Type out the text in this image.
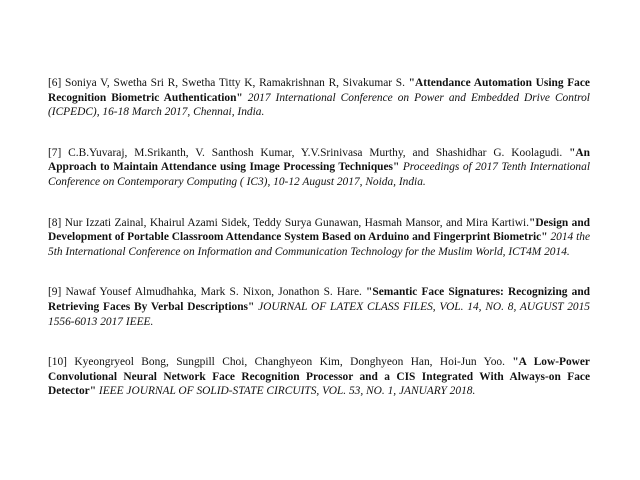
[6] Soniya V, Swetha Sri R, Swetha Titty K, Ramakrishnan R, Sivakumar S. "Attendance Automation Using Face Recognition Biometric Authentication" 2017 International Conference on Power and Embedded Drive Control (ICPEDC), 16-18 March 2017, Chennai, India.

[7] C.B.Yuvaraj, M.Srikanth, V. Santhosh Kumar, Y.V.Srinivasa Murthy, and Shashidhar G. Koolagudi. "An Approach to Maintain Attendance using Image Processing Techniques" Proceedings of 2017 Tenth International Conference on Contemporary Computing ( IC3), 10-12 August 2017, Noida, India.

[8] Nur Izzati Zainal, Khairul Azami Sidek, Teddy Surya Gunawan, Hasmah Mansor, and Mira Kartiwi."Design and Development of Portable Classroom Attendance System Based on Arduino and Fingerprint Biometric" 2014 the 5th International Conference on Information and Communication Technology for the Muslim World, ICT4M 2014.

[9] Nawaf Yousef Almudhahka, Mark S. Nixon, Jonathon S. Hare. "Semantic Face Signatures: Recognizing and Retrieving Faces By Verbal Descriptions" JOURNAL OF LATEX CLASS FILES, VOL. 14, NO. 8, AUGUST 2015 1556-6013 2017 IEEE.

[10] Kyeongryeol Bong, Sungpill Choi, Changhyeon Kim, Donghyeon Han, Hoi-Jun Yoo. "A Low-Power Convolutional Neural Network Face Recognition Processor and a CIS Integrated With Always-on Face Detector" IEEE JOURNAL OF SOLID-STATE CIRCUITS, VOL. 53, NO. 1, JANUARY 2018.
